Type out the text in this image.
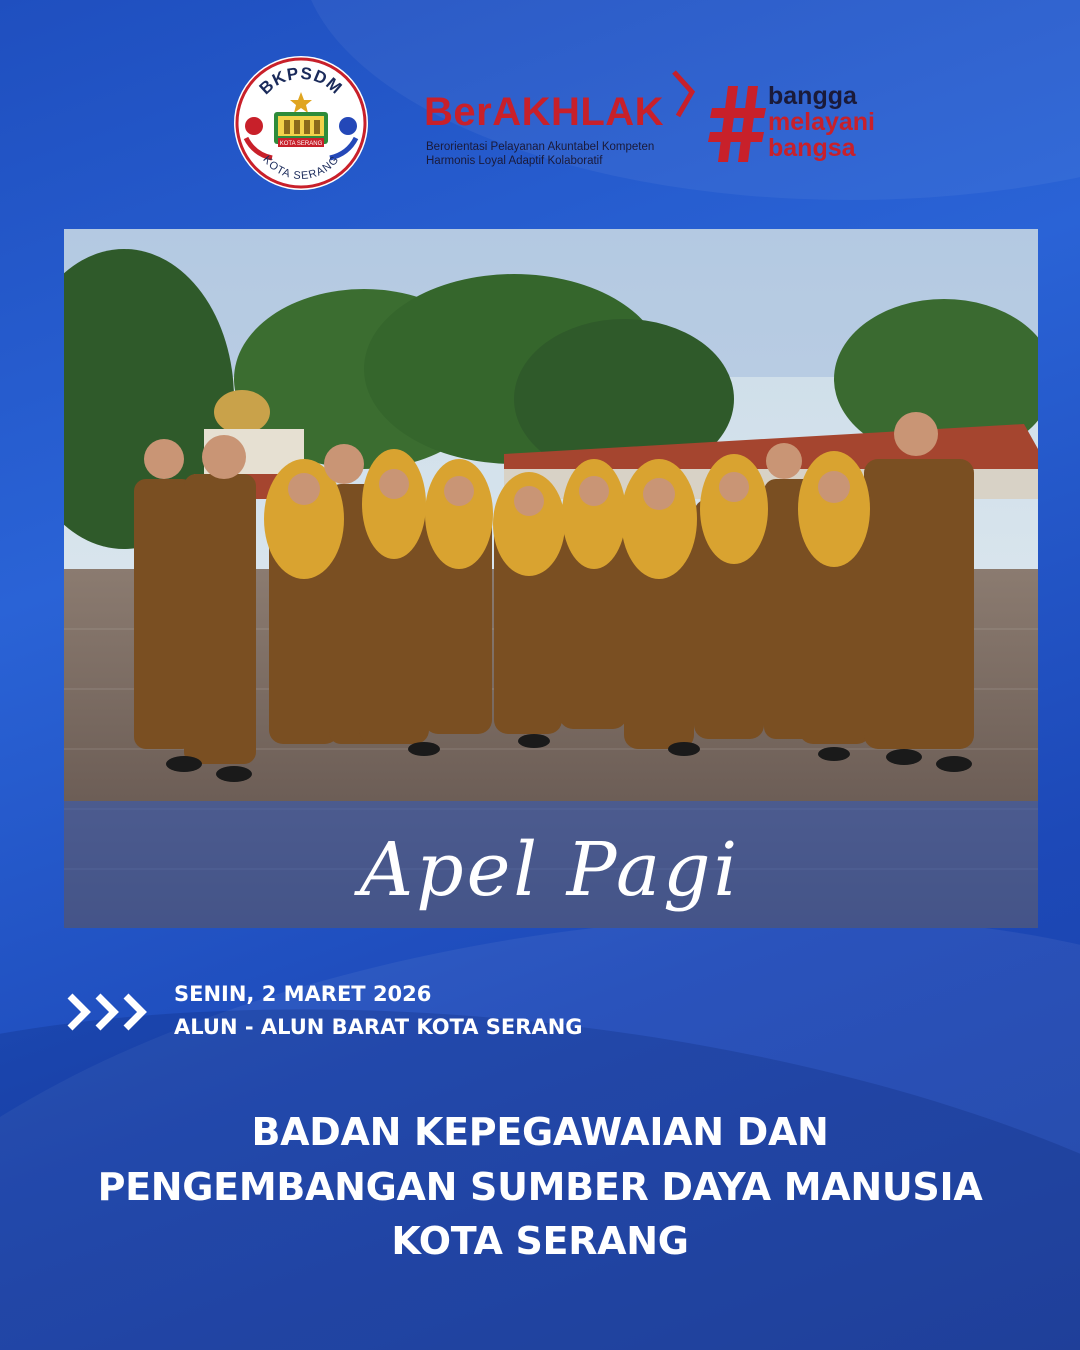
KOTA SERANG
BKPSDM
KOTA SERANG
BerAKHLAK
Berorientasi Pelayanan Akuntabel Kompeten
Harmonis Loyal Adaptif Kolaboratif
bangga
melayani
bangsa
Apel Pagi
SENIN, 2 MARET 2026
ALUN - ALUN BARAT KOTA SERANG
BADAN KEPEGAWAIAN DAN
PENGEMBANGAN SUMBER DAYA MANUSIA
KOTA SERANG
